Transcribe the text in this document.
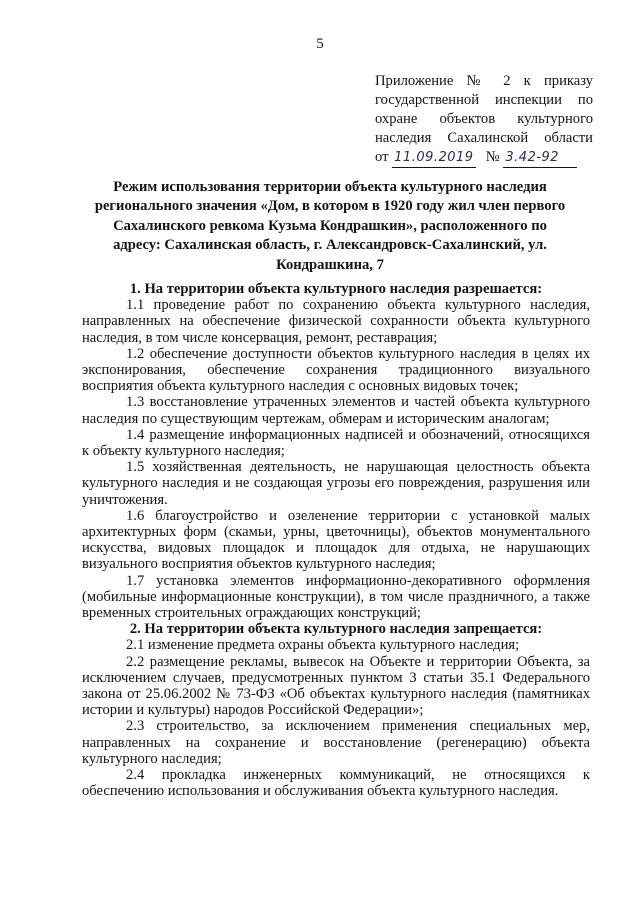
5
Приложение № 2 к приказу
государственной инспекции по
охране объектов культурного
наследия Сахалинской области
от 11.09.2019 № 3.42-92
Режим использования территории объекта культурного наследия регионального значения «Дом, в котором в 1920 году жил член первого Сахалинского ревкома Кузьма Кондрашкин», расположенного по адресу: Сахалинская область, г. Александровск-Сахалинский, ул. Кондрашкина, 7

1. На территории объекта культурного наследия разрешается:

1.1 проведение работ по сохранению объекта культурного наследия, направленных на обеспечение физической сохранности объекта культурного наследия, в том числе консервация, ремонт, реставрация;

1.2 обеспечение доступности объектов культурного наследия в целях их экспонирования, обеспечение сохранения традиционного визуального восприятия объекта культурного наследия с основных видовых точек;

1.3 восстановление утраченных элементов и частей объекта культурного наследия по существующим чертежам, обмерам и историческим аналогам;

1.4 размещение информационных надписей и обозначений, относящихся к объекту культурного наследия;

1.5 хозяйственная деятельность, не нарушающая целостность объекта культурного наследия и не создающая угрозы его повреждения, разрушения или уничтожения.

1.6 благоустройство и озеленение территории с установкой малых архитектурных форм (скамьи, урны, цветочницы), объектов монументального искусства, видовых площадок и площадок для отдыха, не нарушающих визуального восприятия объектов культурного наследия;

1.7 установка элементов информационно-декоративного оформления (мобильные информационные конструкции), в том числе праздничного, а также временных строительных ограждающих конструкций;

2. На территории объекта культурного наследия запрещается:

2.1 изменение предмета охраны объекта культурного наследия;

2.2 размещение рекламы, вывесок на Объекте и территории Объекта, за исключением случаев, предусмотренных пунктом 3 статьи 35.1 Федерального закона от 25.06.2002 № 73-ФЗ «Об объектах культурного наследия (памятниках истории и культуры) народов Российской Федерации»;

2.3 строительство, за исключением применения специальных мер, направленных на сохранение и восстановление (регенерацию) объекта культурного наследия;

2.4 прокладка инженерных коммуникаций, не относящихся к обеспечению использования и обслуживания объекта культурного наследия.
